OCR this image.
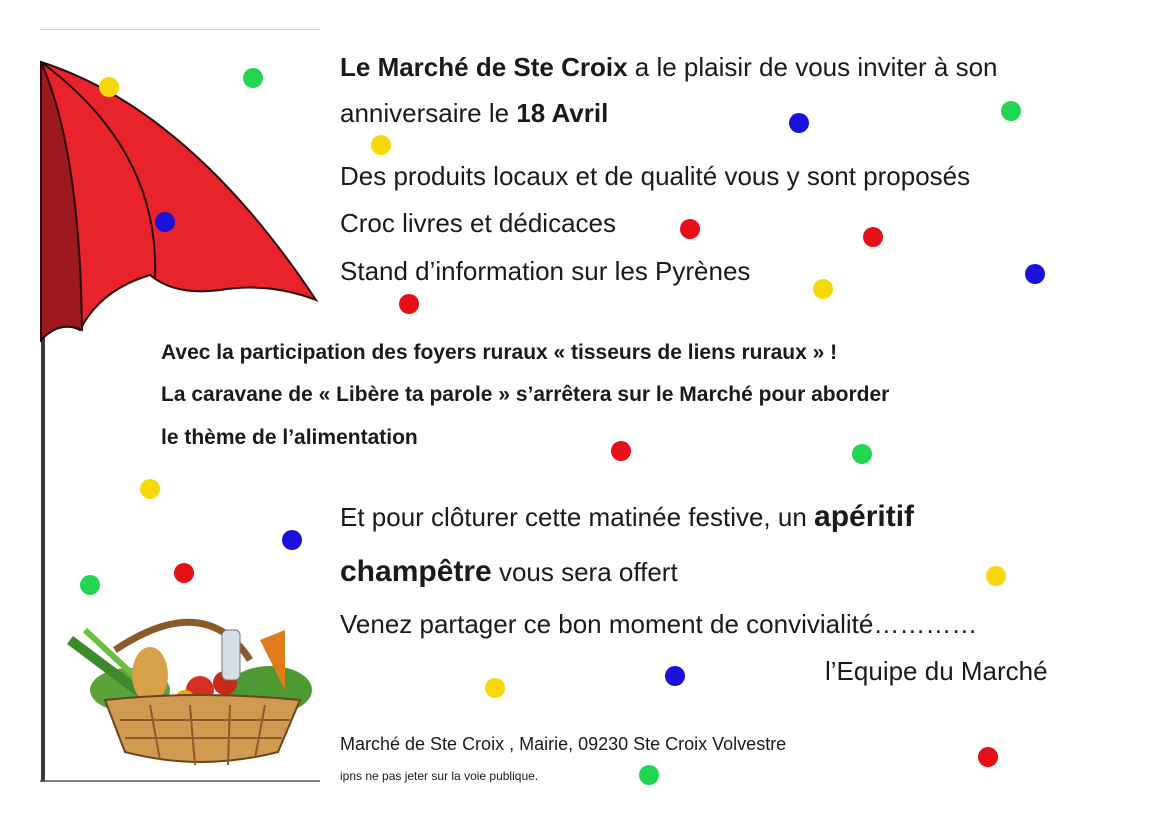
Le Marché de Ste Croix a le plaisir de vous inviter à son
anniversaire le 18 Avril
Des produits locaux et de qualité vous y sont proposés
Croc livres et dédicaces
Stand d’information sur les Pyrènes
Avec la participation des foyers ruraux « tisseurs de liens ruraux » !
La caravane de « Libère ta parole » s’arrêtera sur le Marché pour aborder
le thème de l’alimentation
Et pour clôturer cette matinée festive, un apéritif
champêtre vous sera offert
Venez partager ce bon moment de convivialité…………
l’Equipe du Marché
Marché de Ste Croix , Mairie, 09230 Ste Croix Volvestre
ipns ne pas jeter sur la voie publique.
